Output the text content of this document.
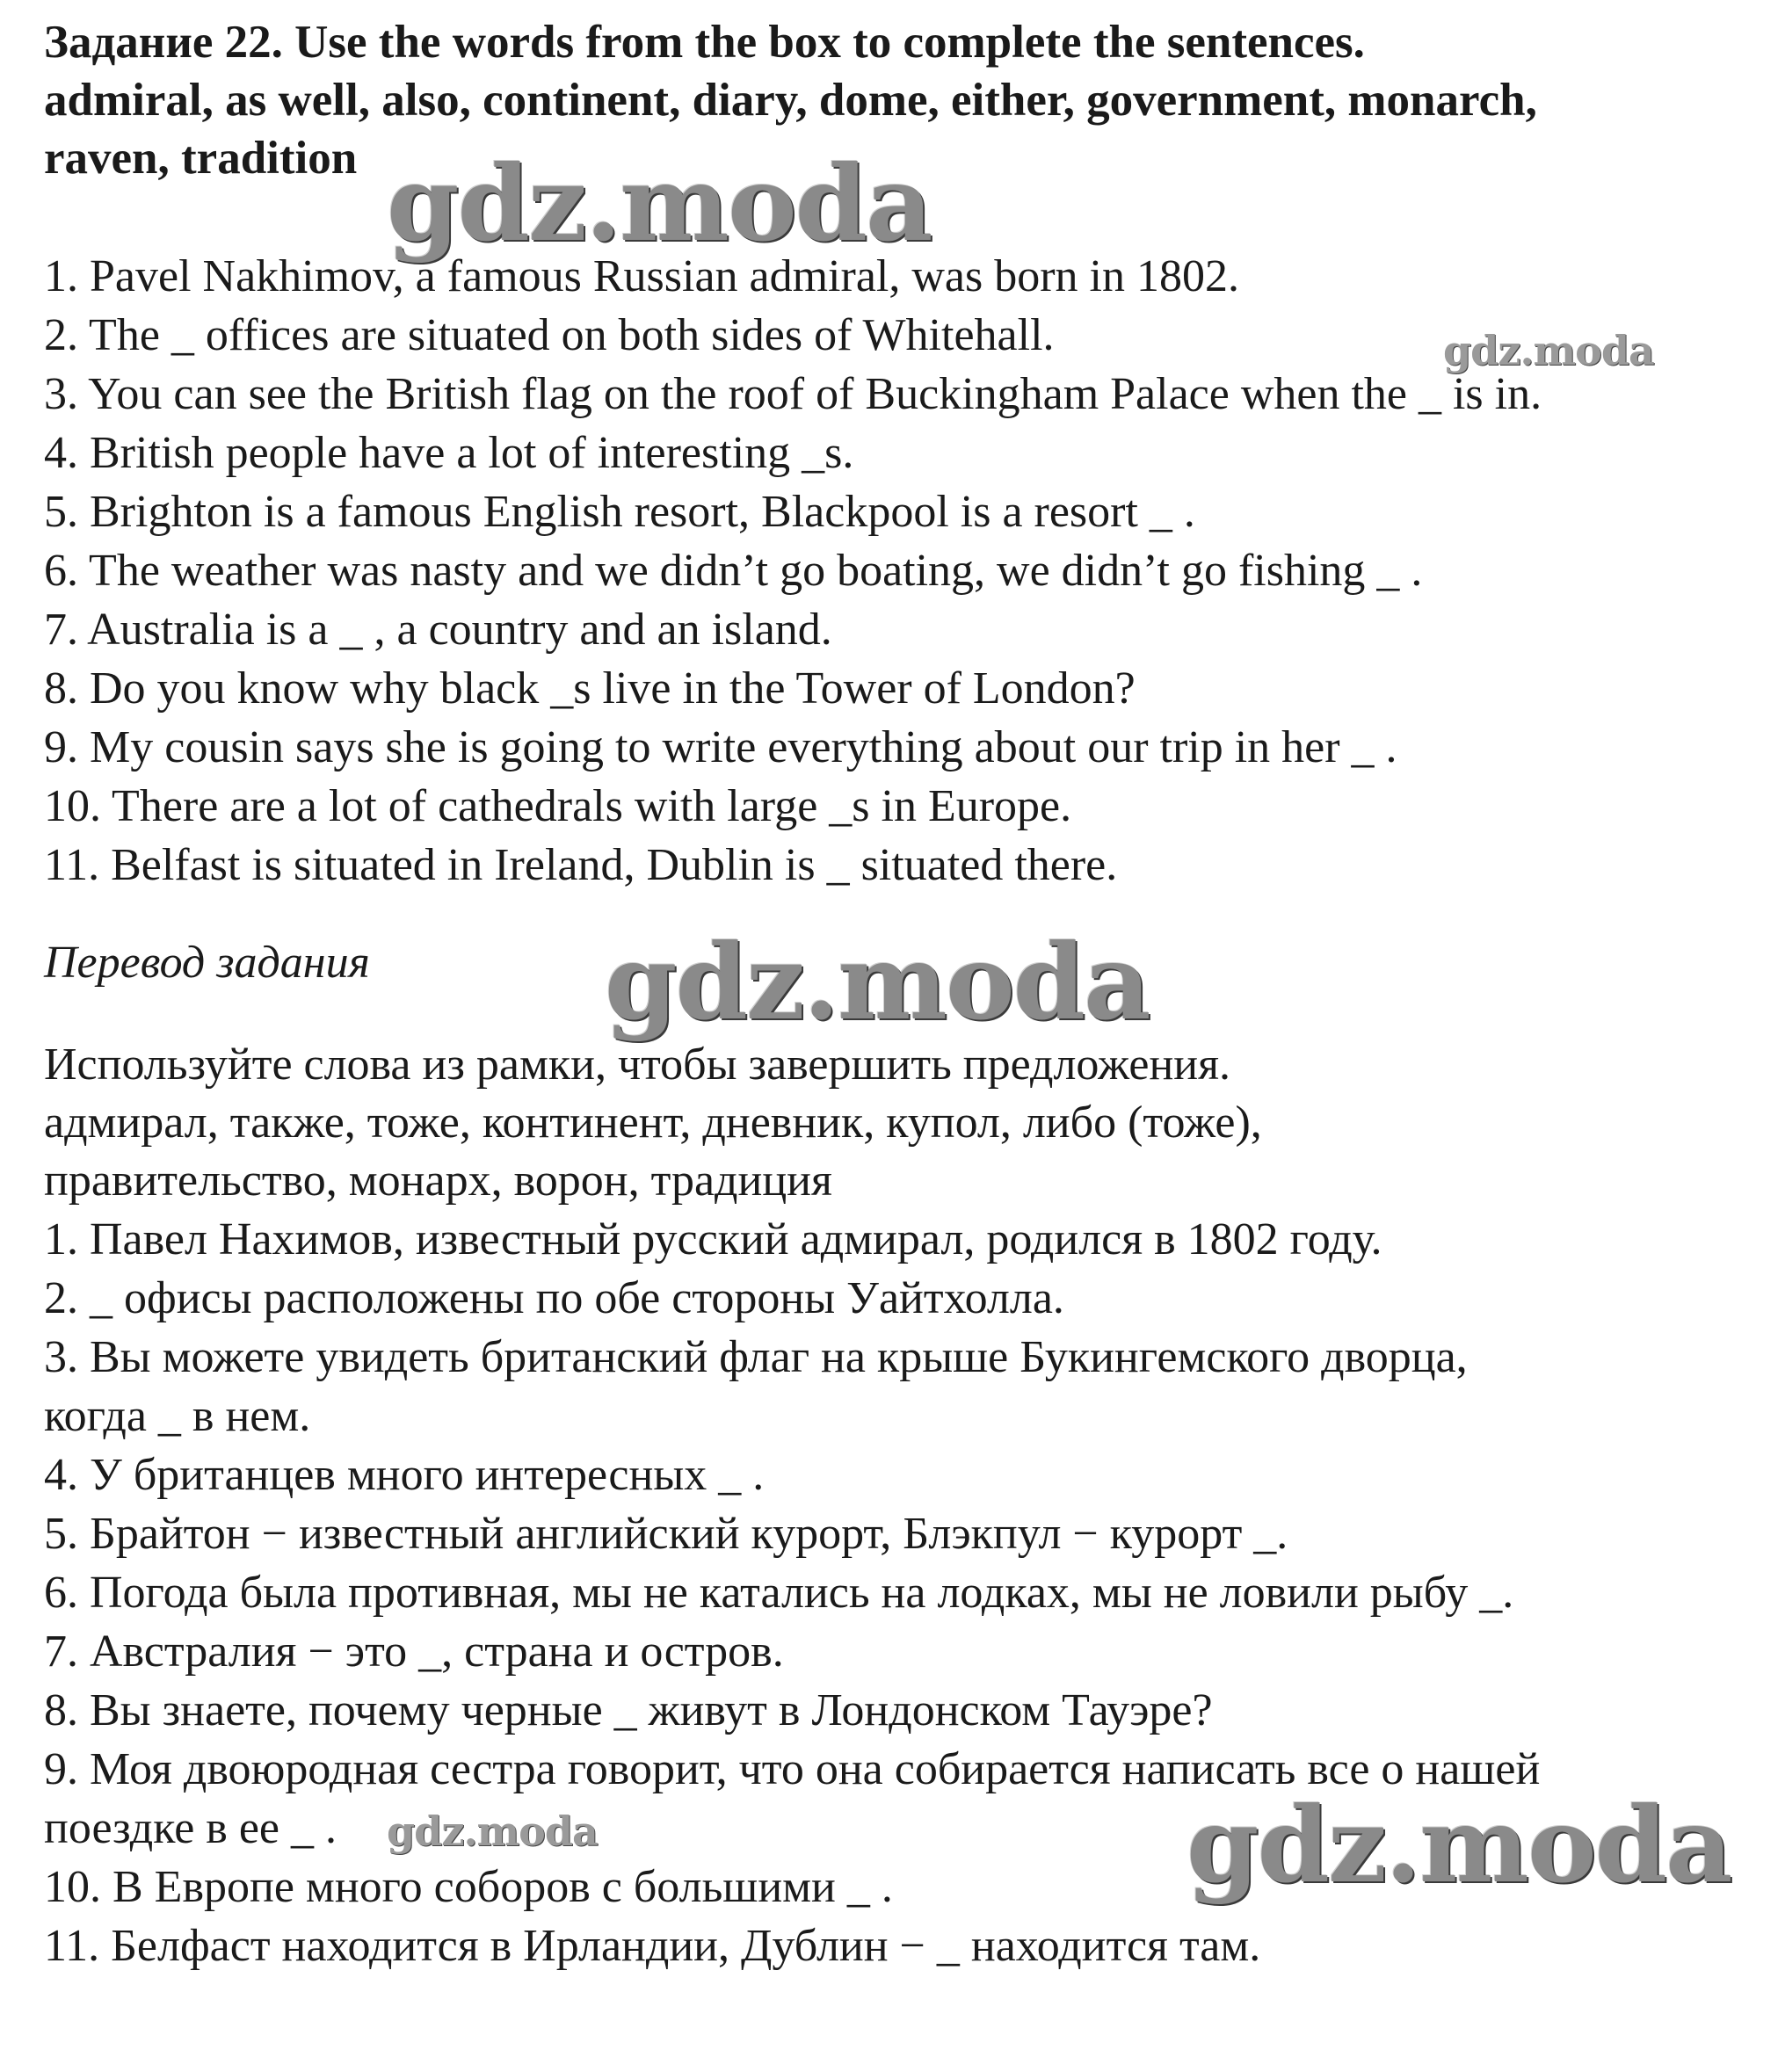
Задание 22. Use the words from the box to complete the sentences.
admiral, as well, also, continent, diary, dome, either, government, monarch,
raven, tradition
1. Pavel Nakhimov, a famous Russian admiral, was born in 1802.
2. The _ offices are situated on both sides of Whitehall.
3. You can see the British flag on the roof of Buckingham Palace when the _ is in.
4. British people have a lot of interesting _s.
5. Brighton is a famous English resort, Blackpool is a resort _ .
6. The weather was nasty and we didn’t go boating, we didn’t go fishing _ .
7. Australia is a _ , a country and an island.
8. Do you know why black _s live in the Tower of London?
9. My cousin says she is going to write everything about our trip in her _ .
10. There are a lot of cathedrals with large _s in Europe.
11. Belfast is situated in Ireland, Dublin is _ situated there.
Перевод задания
Используйте слова из рамки, чтобы завершить предложения.
адмирал, также, тоже, континент, дневник, купол, либо (тоже),
правительство, монарх, ворон, традиция
1. Павел Нахимов, известный русский адмирал, родился в 1802 году.
2. _ офисы расположены по обе стороны Уайтхолла.
3. Вы можете увидеть британский флаг на крыше Букингемского дворца,
когда _ в нем.
4. У британцев много интересных _ .
5. Брайтон − известный английский курорт, Блэкпул − курорт _.
6. Погода была противная, мы не катались на лодках, мы не ловили рыбу _.
7. Австралия − это _, страна и остров.
8. Вы знаете, почему черные _ живут в Лондонском Тауэре?
9. Моя двоюродная сестра говорит, что она собирается написать все о нашей
поездке в ее _ .
10. В Европе много соборов с большими _ .
11. Белфаст находится в Ирландии, Дублин − _ находится там.
gdz.moda
gdz.moda
gdz.moda
gdz.moda	gdz.moda
